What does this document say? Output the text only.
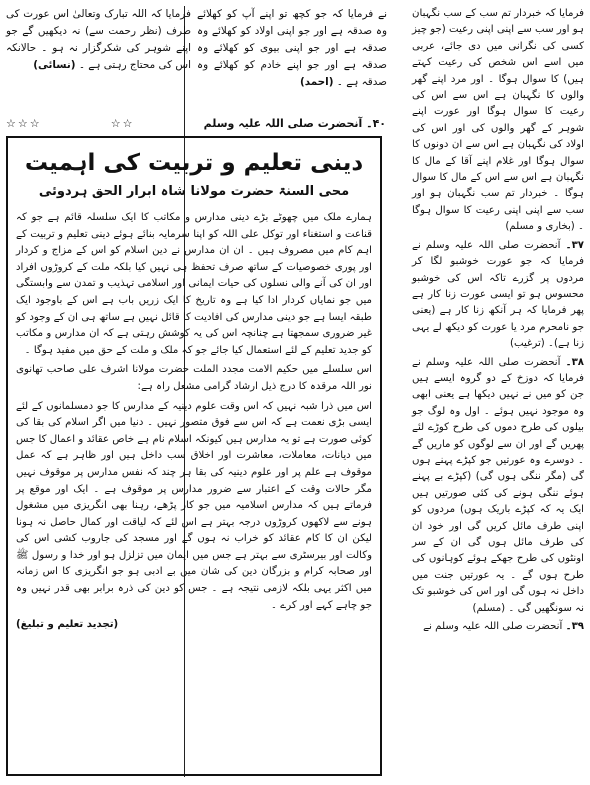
فرمایا کہ خبردار تم سب کے سب نگہبان ہو اور سب سے اپنی اپنی رعیت (جو چیز کسی کی نگرانی میں دی جائے، عربی میں اسے اس شخص کی رعیت کہتے ہیں) کا سوال ہوگا ۔ اور مرد اپنے گھر والوں کا نگہبان ہے اس سے اس کی رعیت کا سوال ہوگا اور عورت اپنے شوہر کے گھر والوں کی اور اس کی اولاد کی نگہبان ہے اس سے ان دونوں کا سوال ہوگا اور غلام اپنے آقا کے مال کا نگہبان ہے اس سے اس کے مال کا سوال ہوگا ۔ خبردار تم سب نگہبان ہو اور سب سے اپنی اپنی رعیت کا سوال ہوگا ۔ (بخاری و مسلم)

۳۷۔ آنحضرت صلی اللہ علیہ وسلم نے فرمایا کہ جو عورت خوشبو لگا کر مردوں پر گزرے تاکہ اس کی خوشبو محسوس ہو تو ایسی عورت زنا کار ہے پھر فرمایا کہ ہر آنکھ زنا کار ہے (یعنی جو نامحرم مرد یا عورت کو دیکھ لے یہی زنا ہے)۔ (ترغیب)

۳۸۔ آنحضرت صلی اللہ علیہ وسلم نے فرمایا کہ دوزخ کے دو گروہ ایسے ہیں جن کو میں نے نہیں دیکھا ہے یعنی ابھی وہ موجود نہیں ہوئے ۔ اول وہ لوگ جو بیلوں کی طرح دموں کی طرح کوڑے لئے پھریں گے اور ان سے لوگوں کو ماریں گے ۔ دوسرے وہ عورتیں جو کپڑے پہنے ہوں گی (مگر ننگی ہوں گی) (کپڑے بے پہنے ہوئے ننگی ہونے کی کئی صورتیں ہیں ایک یہ کہ کپڑے باریک ہوں) مردوں کو اپنی طرف مائل کریں گی اور خود ان کی طرف مائل ہوں گی ان کے سر اونٹوں کی طرح جھکے ہوئے کوہانوں کی طرح ہوں گے ۔ یہ عورتیں جنت میں داخل نہ ہوں گی اور اس کی خوشبو تک نہ سونگھیں گی ۔ (مسلم)

۳۹۔ آنحضرت صلی اللہ علیہ وسلم نے

نے فرمایا کہ جو کچھ تو اپنے آپ کو کھلائے وہ صدقہ ہے اور جو اپنی اولاد کو کھلائے وہ صدقہ ہے اور جو اپنی بیوی کو کھلائے وہ صدقہ ہے اور جو اپنے خادم کو کھلائے وہ صدقہ ہے ۔ (احمد)

فرمایا کہ اللہ تبارک وتعالیٰ اس عورت کی طرف (نظر رحمت سے) نہ دیکھیں گے جو اپنے شوہر کی شکرگزار نہ ہو ۔ حالانکہ اس کی محتاج رہتی ہے ۔ (نسائی)

۴۰۔ آنحضرت صلی اللہ علیہ وسلم
☆☆
☆☆☆
دینی تعلیم و تربیت کی اہمیت
محی السنۃ حضرت مولانا شاہ ابرار الحق ہردوئی

ہمارے ملک میں چھوٹے بڑے دینی مدارس و مکاتب کا ایک سلسلہ قائم ہے جو کہ قناعت و استغناء اور توکل علی اللہ کو اپنا سرمایہ بنائے ہوئے دینی تعلیم و تربیت کے اہم کام میں مصروف ہیں ۔ ان ان مدارس نے دین اسلام کو اس کے مزاج و کردار اور پوری خصوصیات کے ساتھ صرف تحفظ ہی نہیں کیا بلکہ ملت کے کروڑوں افراد اور ان کی آنے والی نسلوں کی حیات ایمانی اور اسلامی تہذیب و تمدن سے وابستگی میں جو نمایاں کردار ادا کیا ہے وہ تاریخ کا ایک زریں باب ہے اس کے باوجود ایک طبقہ ایسا ہے جو دینی مدارس کی افادیت کا قائل نہیں ہے ساتھ ہی ان کے وجود کو غیر ضروری سمجھتا ہے چنانچہ اس کی یہ کوشش رہتی ہے کہ ان مدارس و مکاتب کو جدید تعلیم کے لئے استعمال کیا جائے جو کہ ملک و ملت کے حق میں مفید ہوگا ۔

اس سلسلے میں حکیم الامت مجدد الملت حضرت مولانا اشرف علی صاحب تھانوی نور اللہ مرقدہ کا درج ذیل ارشاد گرامی مشعل راہ ہے:

اس میں ذرا شبہ نہیں کہ اس وقت علوم دینیہ کے مدارس کا جو دمسلمانوں کے لئے ایسی بڑی نعمت ہے کہ اس سے فوق متصور نہیں ۔ دنیا میں اگر اسلام کی بقا کی کوئی صورت ہے تو یہ مدارس ہیں کیونکہ اسلام نام ہے خاص عقائد و اعمال کا جس میں دیانات، معاملات، معاشرت اور اخلاق سب داخل ہیں اور ظاہر ہے کہ عمل موقوف ہے علم پر اور علوم دینیہ کی بقا ہر چند کہ نفس مدارس پر موقوف نہیں مگر حالات وقت کے اعتبار سے ضرور مدارس پر موقوف ہے ۔ ایک اور موقع پر فرماتے ہیں کہ مدارس اسلامیہ میں جو کار پڑھے، رہنا بھی انگریزی میں مشغول ہونے سے لاکھوں کروڑوں درجہ بہتر ہے اس لئے کہ لیاقت اور کمال حاصل نہ ہونا لیکن ان کا کام عقائد کو خراب نہ ہوں گے اور مسجد کی جاروب کشی اس کی وکالت اور بیرسٹری سے بہتر ہے جس میں ایمان میں تزلزل ہو اور خدا و رسول ﷺ اور صحابہ کرام و بزرگان دین کی شان میں بے ادبی ہو جو انگریزی کا اس زمانہ میں اکثر یہی بلکہ لازمی نتیجہ ہے ۔ جس کو دین کی ذرہ برابر بھی قدر نہیں وہ جو چاہے کہے اور کرے ۔

(تجدید تعلیم و تبلیغ)
